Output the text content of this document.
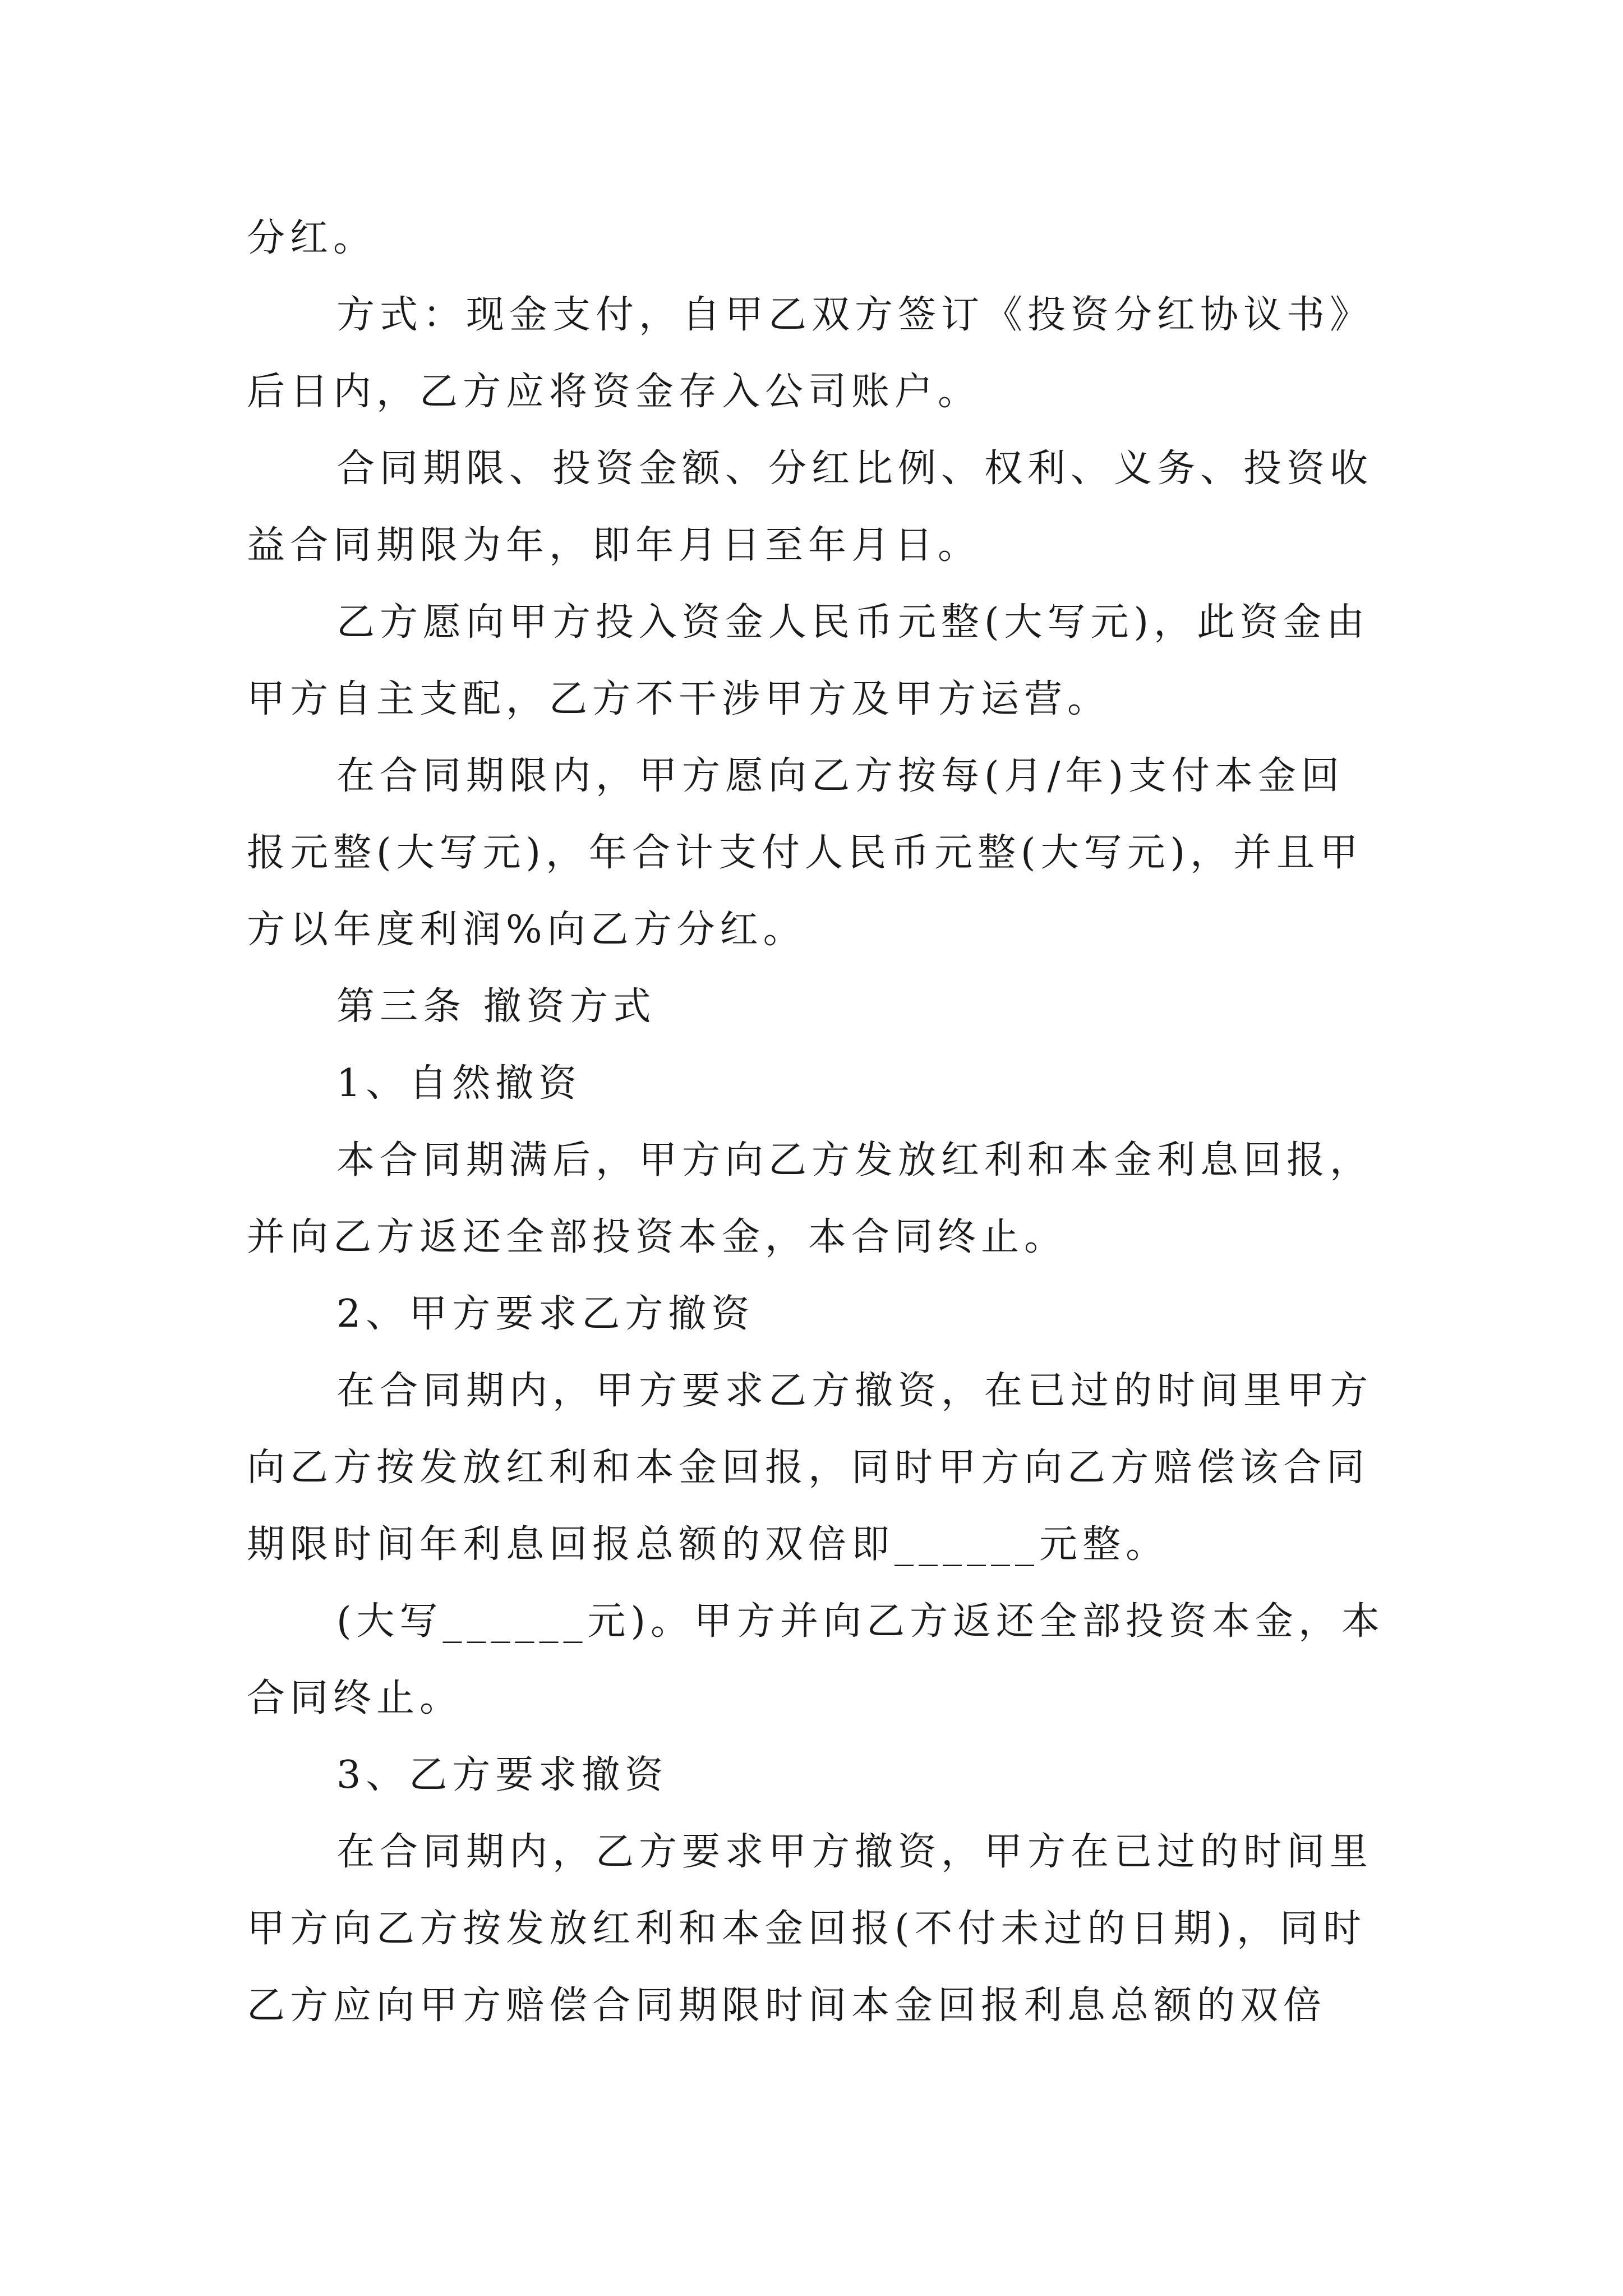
分红。
方式：现金支付，自甲乙双方签订《投资分红协议书》
后日内，乙方应将资金存入公司账户。
合同期限、投资金额、分红比例、权利、义务、投资收
益合同期限为年，即年月日至年月日。
乙方愿向甲方投入资金人民币元整(大写元)，此资金由
甲方自主支配，乙方不干涉甲方及甲方运营。
在合同期限内，甲方愿向乙方按每(月/年)支付本金回
报元整(大写元)，年合计支付人民币元整(大写元)，并且甲
方以年度利润%向乙方分红。
第三条 撤资方式
1、自然撤资
本合同期满后，甲方向乙方发放红利和本金利息回报，
并向乙方返还全部投资本金，本合同终止。
2、甲方要求乙方撤资
在合同期内，甲方要求乙方撤资，在已过的时间里甲方
向乙方按发放红利和本金回报，同时甲方向乙方赔偿该合同
期限时间年利息回报总额的双倍即______元整。
(大写______元)。甲方并向乙方返还全部投资本金，本
合同终止。
3、乙方要求撤资
在合同期内，乙方要求甲方撤资，甲方在已过的时间里
甲方向乙方按发放红利和本金回报(不付未过的日期)，同时
乙方应向甲方赔偿合同期限时间本金回报利息总额的双倍
